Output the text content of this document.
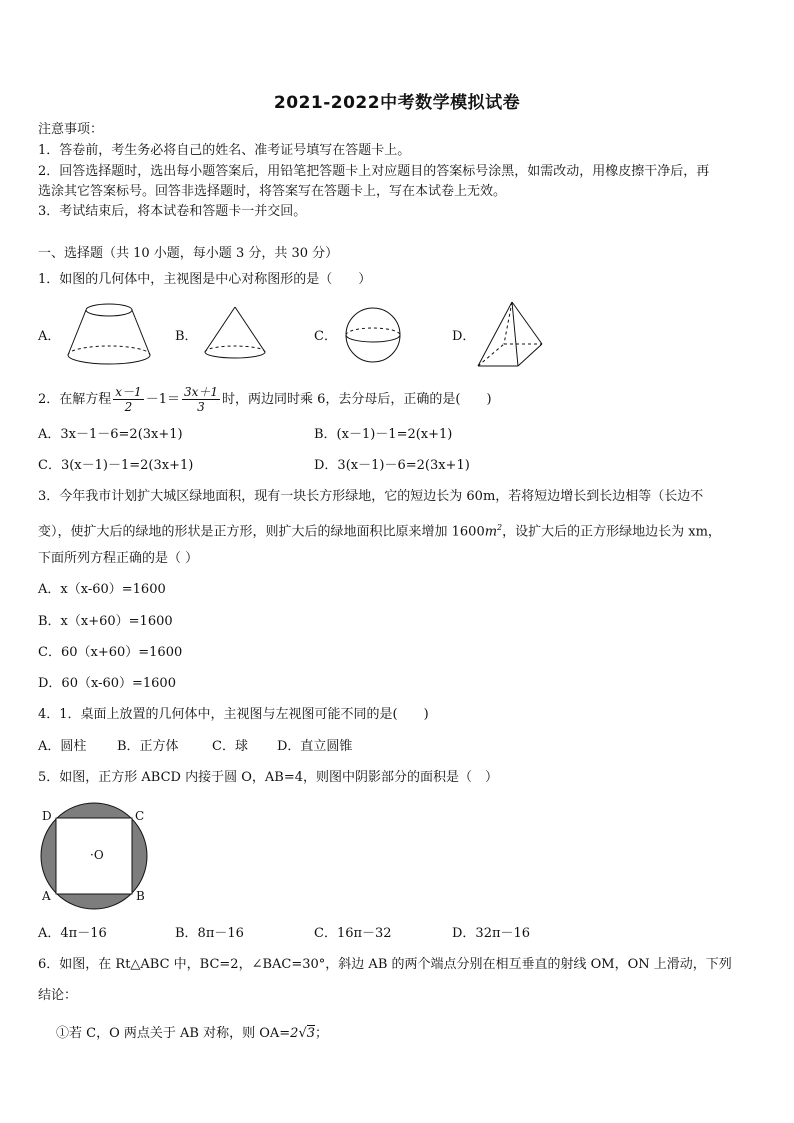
2021-2022中考数学模拟试卷
注意事项：
1．答卷前，考生务必将自己的姓名、准考证号填写在答题卡上。
2．回答选择题时，选出每小题答案后，用铅笔把答题卡上对应题目的答案标号涂黑，如需改动，用橡皮擦干净后，再
选涂其它答案标号。回答非选择题时，将答案写在答题卡上，写在本试卷上无效。
3．考试结束后，将本试卷和答题卡一并交回。
一、选择题（共 10 小题，每小题 3 分，共 30 分）
1．如图的几何体中，主视图是中心对称图形的是（　　）
A．	B．	C．	D．
2．在解方程 $\frac{x-1}{2} -1= \frac{3x+1}{3}$ 时，两边同时乘 6，去分母后，正确的是(　　)
A．3x－1－6=2(3x+1)	B．(x－1)－1=2(x+1)
C．3(x－1)－1=2(3x+1)	D．3(x－1)－6=2(3x+1)
3．今年我市计划扩大城区绿地面积，现有一块长方形绿地，它的短边长为 60m，若将短边增长到长边相等（长边不
变），使扩大后的绿地的形状是正方形，则扩大后的绿地面积比原来增加 $1600m^2$，设扩大后的正方形绿地边长为 xm，
下面所列方程正确的是（ ）
A．x（x-60）=1600
B．x（x+60）=1600
C．60（x+60）=1600
D．60（x-60）=1600
4．1．桌面上放置的几何体中，主视图与左视图可能不同的是(　　)
A．圆柱 B．正方体	C．球 D．直立圆锥
5．如图，正方形 ABCD 内接于圆 O，AB=4，则图中阴影部分的面积是（　）
D	C
A	B
·O
A．4π－16	B．8π－16	C．16π－32	D．32π－16
6．如图，在 Rt△ABC 中，BC=2，∠BAC=30°，斜边 AB 的两个端点分别在相互垂直的射线 OM，ON 上滑动，下列
结论：
①若 C，O 两点关于 AB 对称，则 OA=2√3；
